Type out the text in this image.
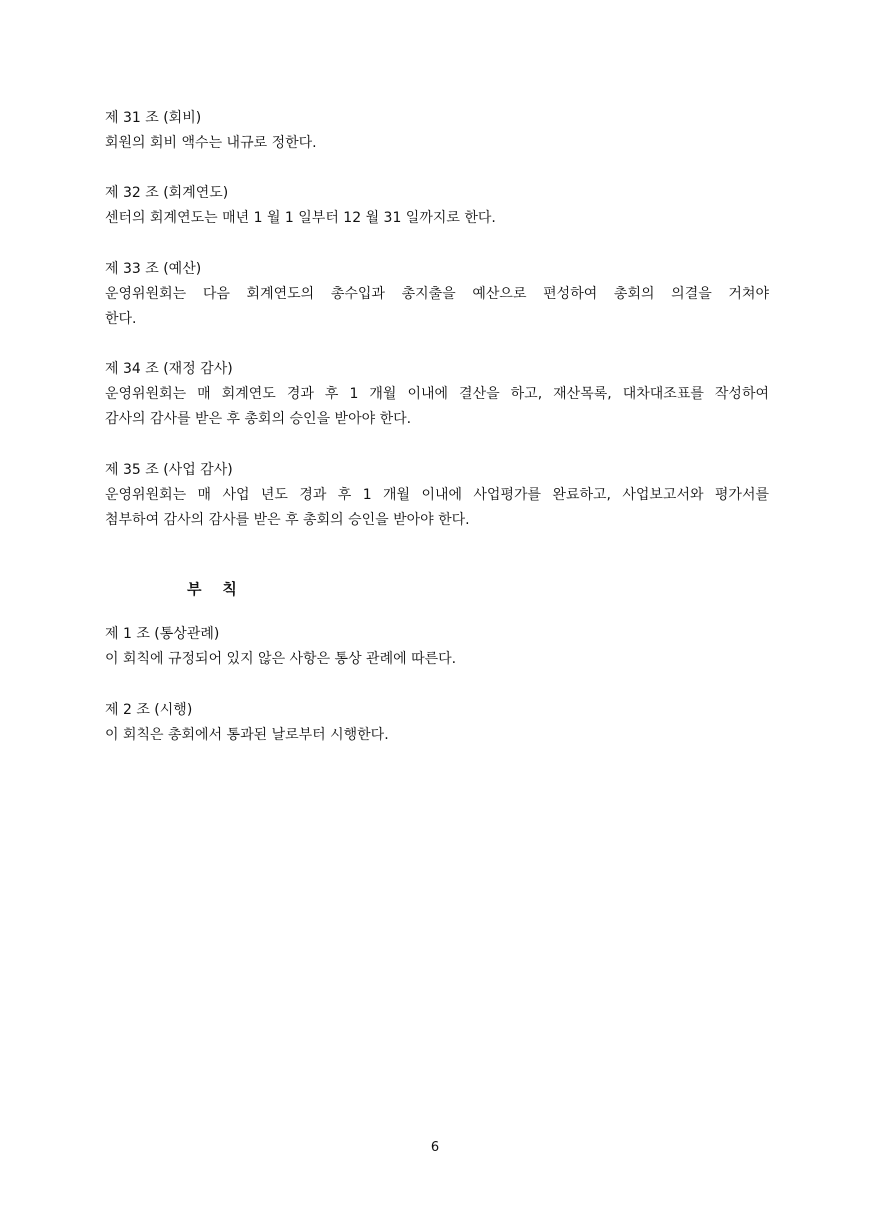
제 31 조 (회비)
회원의 회비 액수는 내규로 정한다.
제 32 조 (회계연도)
센터의 회계연도는 매년 1 월 1 일부터 12 월 31 일까지로 한다.
제 33 조 (예산)
운영위원회는 다음 회계연도의 총수입과 총지출을 예산으로 편성하여 총회의 의결을 거쳐야
한다.
제 34 조 (재정 감사)
운영위원회는 매 회계연도 경과 후 1 개월 이내에 결산을 하고, 재산목록, 대차대조표를 작성하여
감사의 감사를 받은 후 총회의 승인을 받아야 한다.
제 35 조 (사업 감사)
운영위원회는 매 사업 년도 경과 후 1 개월 이내에 사업평가를 완료하고, 사업보고서와 평가서를
첨부하여 감사의 감사를 받은 후 총회의 승인을 받아야 한다.
부    칙
제 1 조 (통상관례)
이 회칙에 규정되어 있지 않은 사항은 통상 관례에 따른다.
제 2 조 (시행)
이 회칙은 총회에서 통과된 날로부터 시행한다.
6
